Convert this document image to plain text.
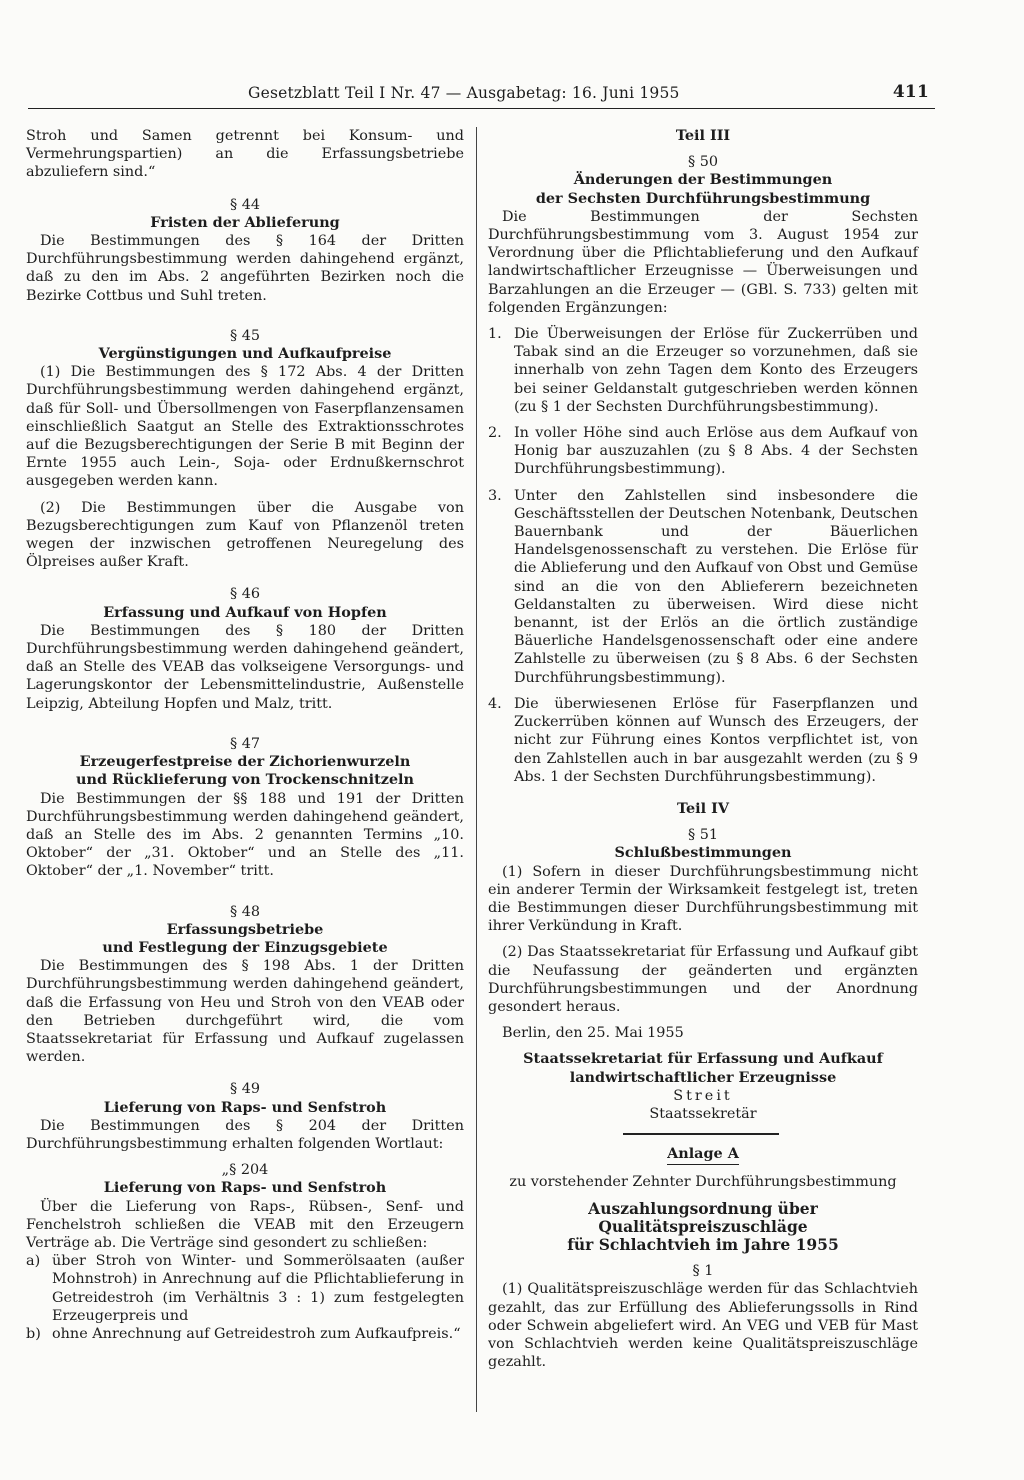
Gesetzblatt Teil I Nr. 47 — Ausgabetag: 16. Juni 1955	411

Stroh und Samen getrennt bei Konsum- und Vermehrungspartien) an die Erfassungsbetriebe abzuliefern sind.“

§ 44

Fristen der Ablieferung

Die Bestimmungen des § 164 der Dritten Durchführungsbestimmung werden dahingehend ergänzt, daß zu den im Abs. 2 angeführten Bezirken noch die Bezirke Cottbus und Suhl treten.

§ 45

Vergünstigungen und Aufkaufpreise

(1) Die Bestimmungen des § 172 Abs. 4 der Dritten Durchführungsbestimmung werden dahingehend ergänzt, daß für Soll- und Übersollmengen von Faserpflanzensamen einschließlich Saatgut an Stelle des Extraktionsschrotes auf die Bezugsberechtigungen der Serie B mit Beginn der Ernte 1955 auch Lein-, Soja- oder Erdnußkernschrot ausgegeben werden kann.

(2) Die Bestimmungen über die Ausgabe von Bezugsberechtigungen zum Kauf von Pflanzenöl treten wegen der inzwischen getroffenen Neuregelung des Ölpreises außer Kraft.

§ 46

Erfassung und Aufkauf von Hopfen

Die Bestimmungen des § 180 der Dritten Durchführungsbestimmung werden dahingehend geändert, daß an Stelle des VEAB das volkseigene Versorgungs- und Lagerungskontor der Lebensmittelindustrie, Außenstelle Leipzig, Abteilung Hopfen und Malz, tritt.

§ 47

Erzeugerfestpreise der Zichorienwurzeln

und Rücklieferung von Trockenschnitzeln

Die Bestimmungen der §§ 188 und 191 der Dritten Durchführungsbestimmung werden dahingehend geändert, daß an Stelle des im Abs. 2 genannten Termins „10. Oktober“ der „31. Oktober“ und an Stelle des „11. Oktober“ der „1. November“ tritt.

§ 48

Erfassungsbetriebe

und Festlegung der Einzugsgebiete

Die Bestimmungen des § 198 Abs. 1 der Dritten Durchführungsbestimmung werden dahingehend geändert, daß die Erfassung von Heu und Stroh von den VEAB oder den Betrieben durchgeführt wird, die vom Staatssekretariat für Erfassung und Aufkauf zugelassen werden.

§ 49

Lieferung von Raps- und Senfstroh

Die Bestimmungen des § 204 der Dritten Durchführungsbestimmung erhalten folgenden Wortlaut:

„§ 204

Lieferung von Raps- und Senfstroh

Über die Lieferung von Raps-, Rübsen-, Senf- und Fenchelstroh schließen die VEAB mit den Erzeugern Verträge ab. Die Verträge sind gesondert zu schließen:

a) über Stroh von Winter- und Sommerölsaaten (außer Mohnstroh) in Anrechnung auf die Pflichtablieferung in Getreidestroh (im Verhältnis 3 : 1) zum festgelegten Erzeugerpreis und
b) ohne Anrechnung auf Getreidestroh zum Aufkaufpreis.“

Teil III

§ 50

Änderungen der Bestimmungen

der Sechsten Durchführungsbestimmung

Die Bestimmungen der Sechsten Durchführungsbestimmung vom 3. August 1954 zur Verordnung über die Pflichtablieferung und den Aufkauf landwirtschaftlicher Erzeugnisse — Überweisungen und Barzahlungen an die Erzeuger — (GBl. S. 733) gelten mit folgenden Ergänzungen:

1. Die Überweisungen der Erlöse für Zuckerrüben und Tabak sind an die Erzeuger so vorzunehmen, daß sie innerhalb von zehn Tagen dem Konto des Erzeugers bei seiner Geldanstalt gutgeschrieben werden können (zu § 1 der Sechsten Durchführungsbestimmung).
2. In voller Höhe sind auch Erlöse aus dem Aufkauf von Honig bar auszuzahlen (zu § 8 Abs. 4 der Sechsten Durchführungsbestimmung).
3. Unter den Zahlstellen sind insbesondere die Geschäftsstellen der Deutschen Notenbank, Deutschen Bauernbank und der Bäuerlichen Handelsgenossenschaft zu verstehen. Die Erlöse für die Ablieferung und den Aufkauf von Obst und Gemüse sind an die von den Ablieferern bezeichneten Geldanstalten zu überweisen. Wird diese nicht benannt, ist der Erlös an die örtlich zuständige Bäuerliche Handelsgenossenschaft oder eine andere Zahlstelle zu überweisen (zu § 8 Abs. 6 der Sechsten Durchführungsbestimmung).
4. Die überwiesenen Erlöse für Faserpflanzen und Zuckerrüben können auf Wunsch des Erzeugers, der nicht zur Führung eines Kontos verpflichtet ist, von den Zahlstellen auch in bar ausgezahlt werden (zu § 9 Abs. 1 der Sechsten Durchführungsbestimmung).

Teil IV

§ 51

Schlußbestimmungen

(1) Sofern in dieser Durchführungsbestimmung nicht ein anderer Termin der Wirksamkeit festgelegt ist, treten die Bestimmungen dieser Durchführungsbestimmung mit ihrer Verkündung in Kraft.

(2) Das Staatssekretariat für Erfassung und Aufkauf gibt die Neufassung der geänderten und ergänzten Durchführungsbestimmungen und der Anordnung gesondert heraus.

Berlin, den 25. Mai 1955

Staatssekretariat für Erfassung und Aufkauf

landwirtschaftlicher Erzeugnisse

Streit

Staatssekretär

Anlage A

zu vorstehender Zehnter Durchführungsbestimmung

Auszahlungsordnung über Qualitätspreiszuschläge

für Schlachtvieh im Jahre 1955

§ 1

(1) Qualitätspreiszuschläge werden für das Schlachtvieh gezahlt, das zur Erfüllung des Ablieferungssolls in Rind oder Schwein abgeliefert wird. An VEG und VEB für Mast von Schlachtvieh werden keine Qualitätspreiszuschläge gezahlt.
